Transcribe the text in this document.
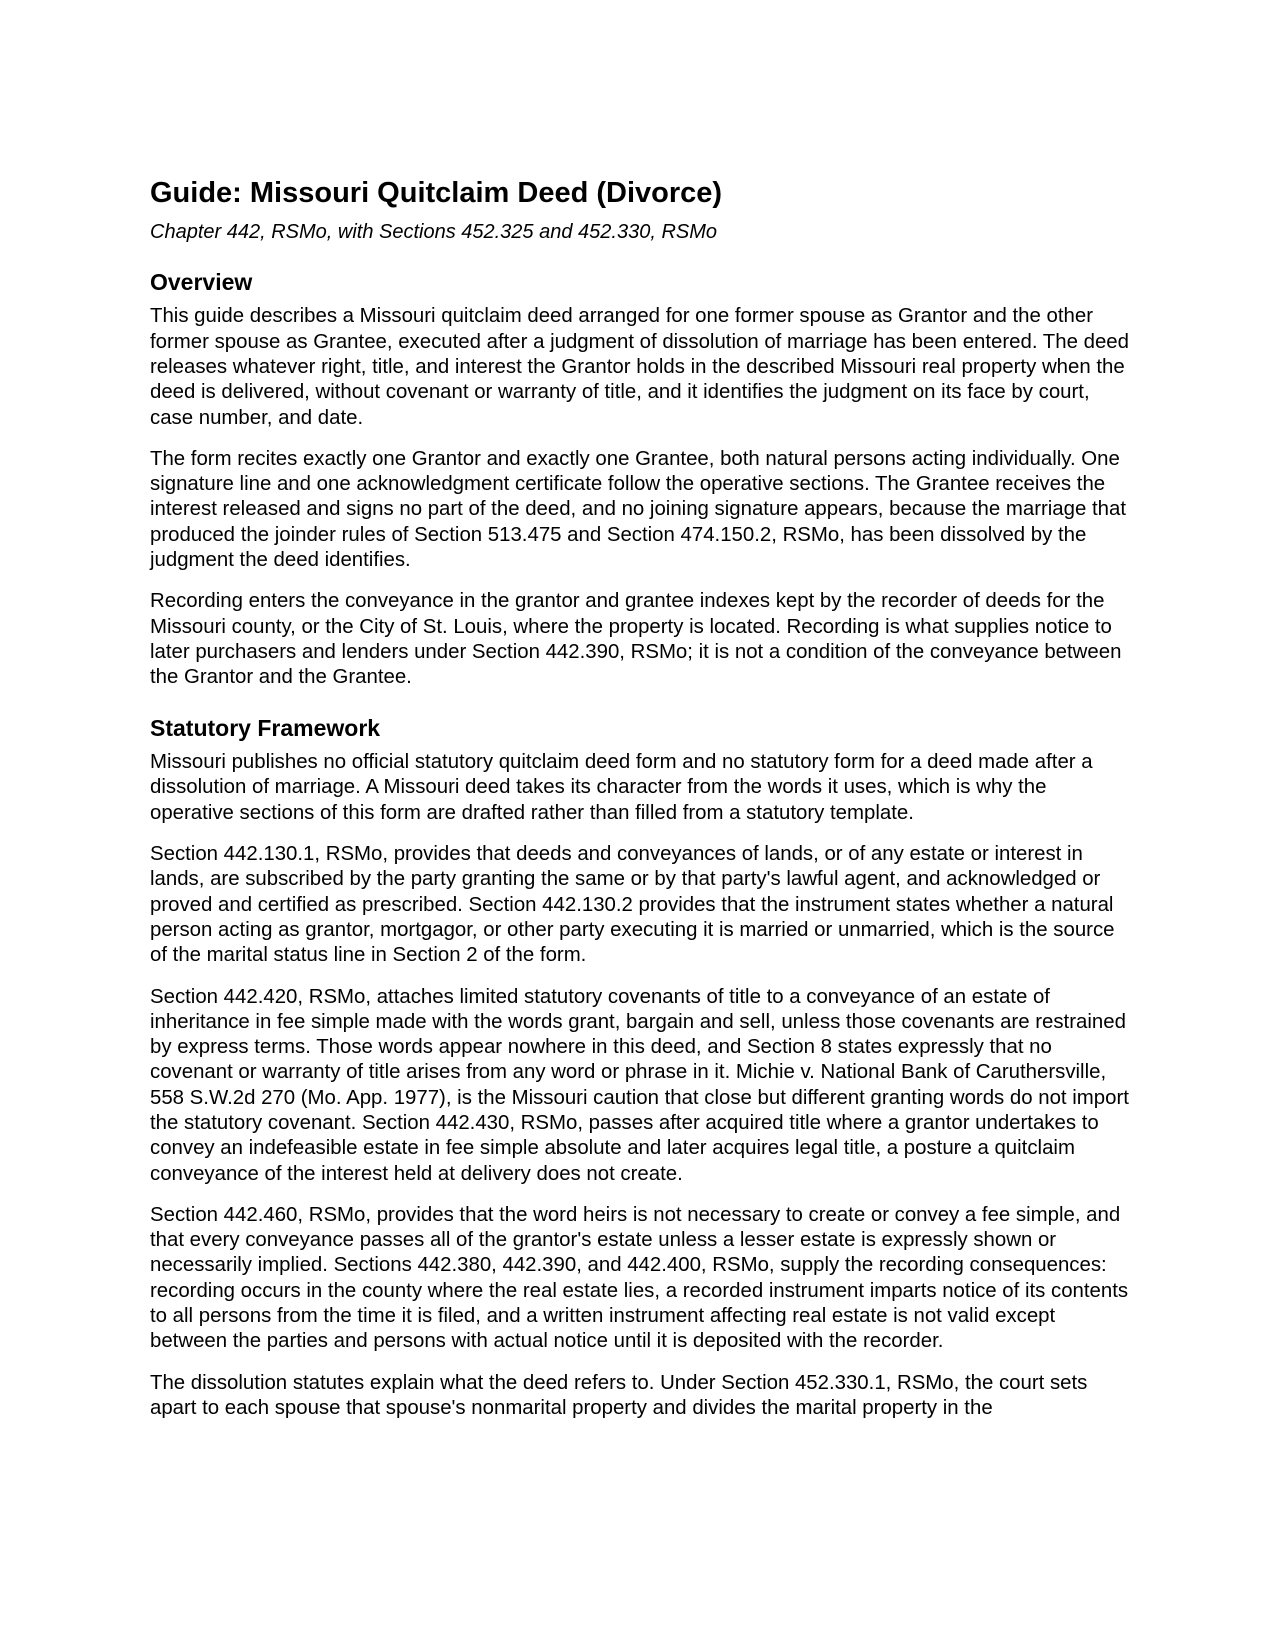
Guide: Missouri Quitclaim Deed (Divorce)
Chapter 442, RSMo, with Sections 452.325 and 452.330, RSMo
Overview

This guide describes a Missouri quitclaim deed arranged for one former spouse as Grantor and the other former spouse as Grantee, executed after a judgment of dissolution of marriage has been entered. The deed releases whatever right, title, and interest the Grantor holds in the described Missouri real property when the deed is delivered, without covenant or warranty of title, and it identifies the judgment on its face by court, case number, and date.

The form recites exactly one Grantor and exactly one Grantee, both natural persons acting individually. One signature line and one acknowledgment certificate follow the operative sections. The Grantee receives the interest released and signs no part of the deed, and no joining signature appears, because the marriage that produced the joinder rules of Section 513.475 and Section 474.150.2, RSMo, has been dissolved by the judgment the deed identifies.

Recording enters the conveyance in the grantor and grantee indexes kept by the recorder of deeds for the Missouri county, or the City of St. Louis, where the property is located. Recording is what supplies notice to later purchasers and lenders under Section 442.390, RSMo; it is not a condition of the conveyance between the Grantor and the Grantee.

Statutory Framework

Missouri publishes no official statutory quitclaim deed form and no statutory form for a deed made after a dissolution of marriage. A Missouri deed takes its character from the words it uses, which is why the operative sections of this form are drafted rather than filled from a statutory template.

Section 442.130.1, RSMo, provides that deeds and conveyances of lands, or of any estate or interest in lands, are subscribed by the party granting the same or by that party's lawful agent, and acknowledged or proved and certified as prescribed. Section 442.130.2 provides that the instrument states whether a natural person acting as grantor, mortgagor, or other party executing it is married or unmarried, which is the source of the marital status line in Section 2 of the form.

Section 442.420, RSMo, attaches limited statutory covenants of title to a conveyance of an estate of inheritance in fee simple made with the words grant, bargain and sell, unless those covenants are restrained by express terms. Those words appear nowhere in this deed, and Section 8 states expressly that no covenant or warranty of title arises from any word or phrase in it. Michie v. National Bank of Caruthersville, 558 S.W.2d 270 (Mo. App. 1977), is the Missouri caution that close but different granting words do not import the statutory covenant. Section 442.430, RSMo, passes after acquired title where a grantor undertakes to convey an indefeasible estate in fee simple absolute and later acquires legal title, a posture a quitclaim conveyance of the interest held at delivery does not create.

Section 442.460, RSMo, provides that the word heirs is not necessary to create or convey a fee simple, and that every conveyance passes all of the grantor's estate unless a lesser estate is expressly shown or necessarily implied. Sections 442.380, 442.390, and 442.400, RSMo, supply the recording consequences: recording occurs in the county where the real estate lies, a recorded instrument imparts notice of its contents to all persons from the time it is filed, and a written instrument affecting real estate is not valid except between the parties and persons with actual notice until it is deposited with the recorder.

The dissolution statutes explain what the deed refers to. Under Section 452.330.1, RSMo, the court sets apart to each spouse that spouse's nonmarital property and divides the marital property in the
